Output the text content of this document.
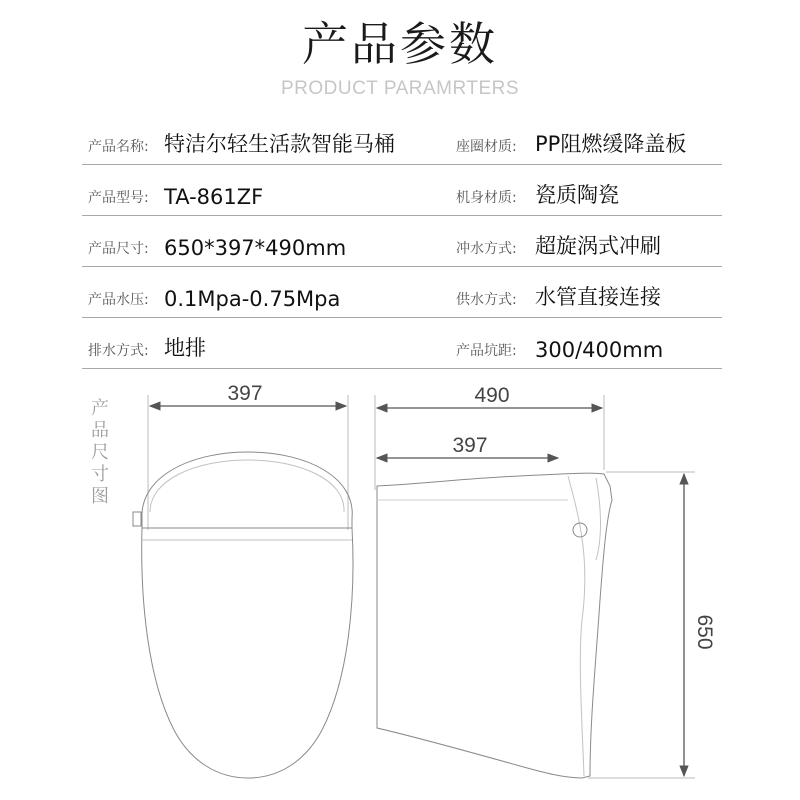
产品参数
PRODUCT PARAMRTERS
产品名称: 特洁尔轻生活款智能马桶	座圈材质: PP阻燃缓降盖板
产品型号: TA-861ZF	机身材质: 瓷质陶瓷
产品尺寸: 650*397*490mm	冲水方式: 超旋涡式冲刷
产品水压: 0.1Mpa-0.75Mpa	供水方式: 水管直接连接
排水方式: 地排	产品坑距: 300/400mm
产品尺寸图
397	490
397
650
